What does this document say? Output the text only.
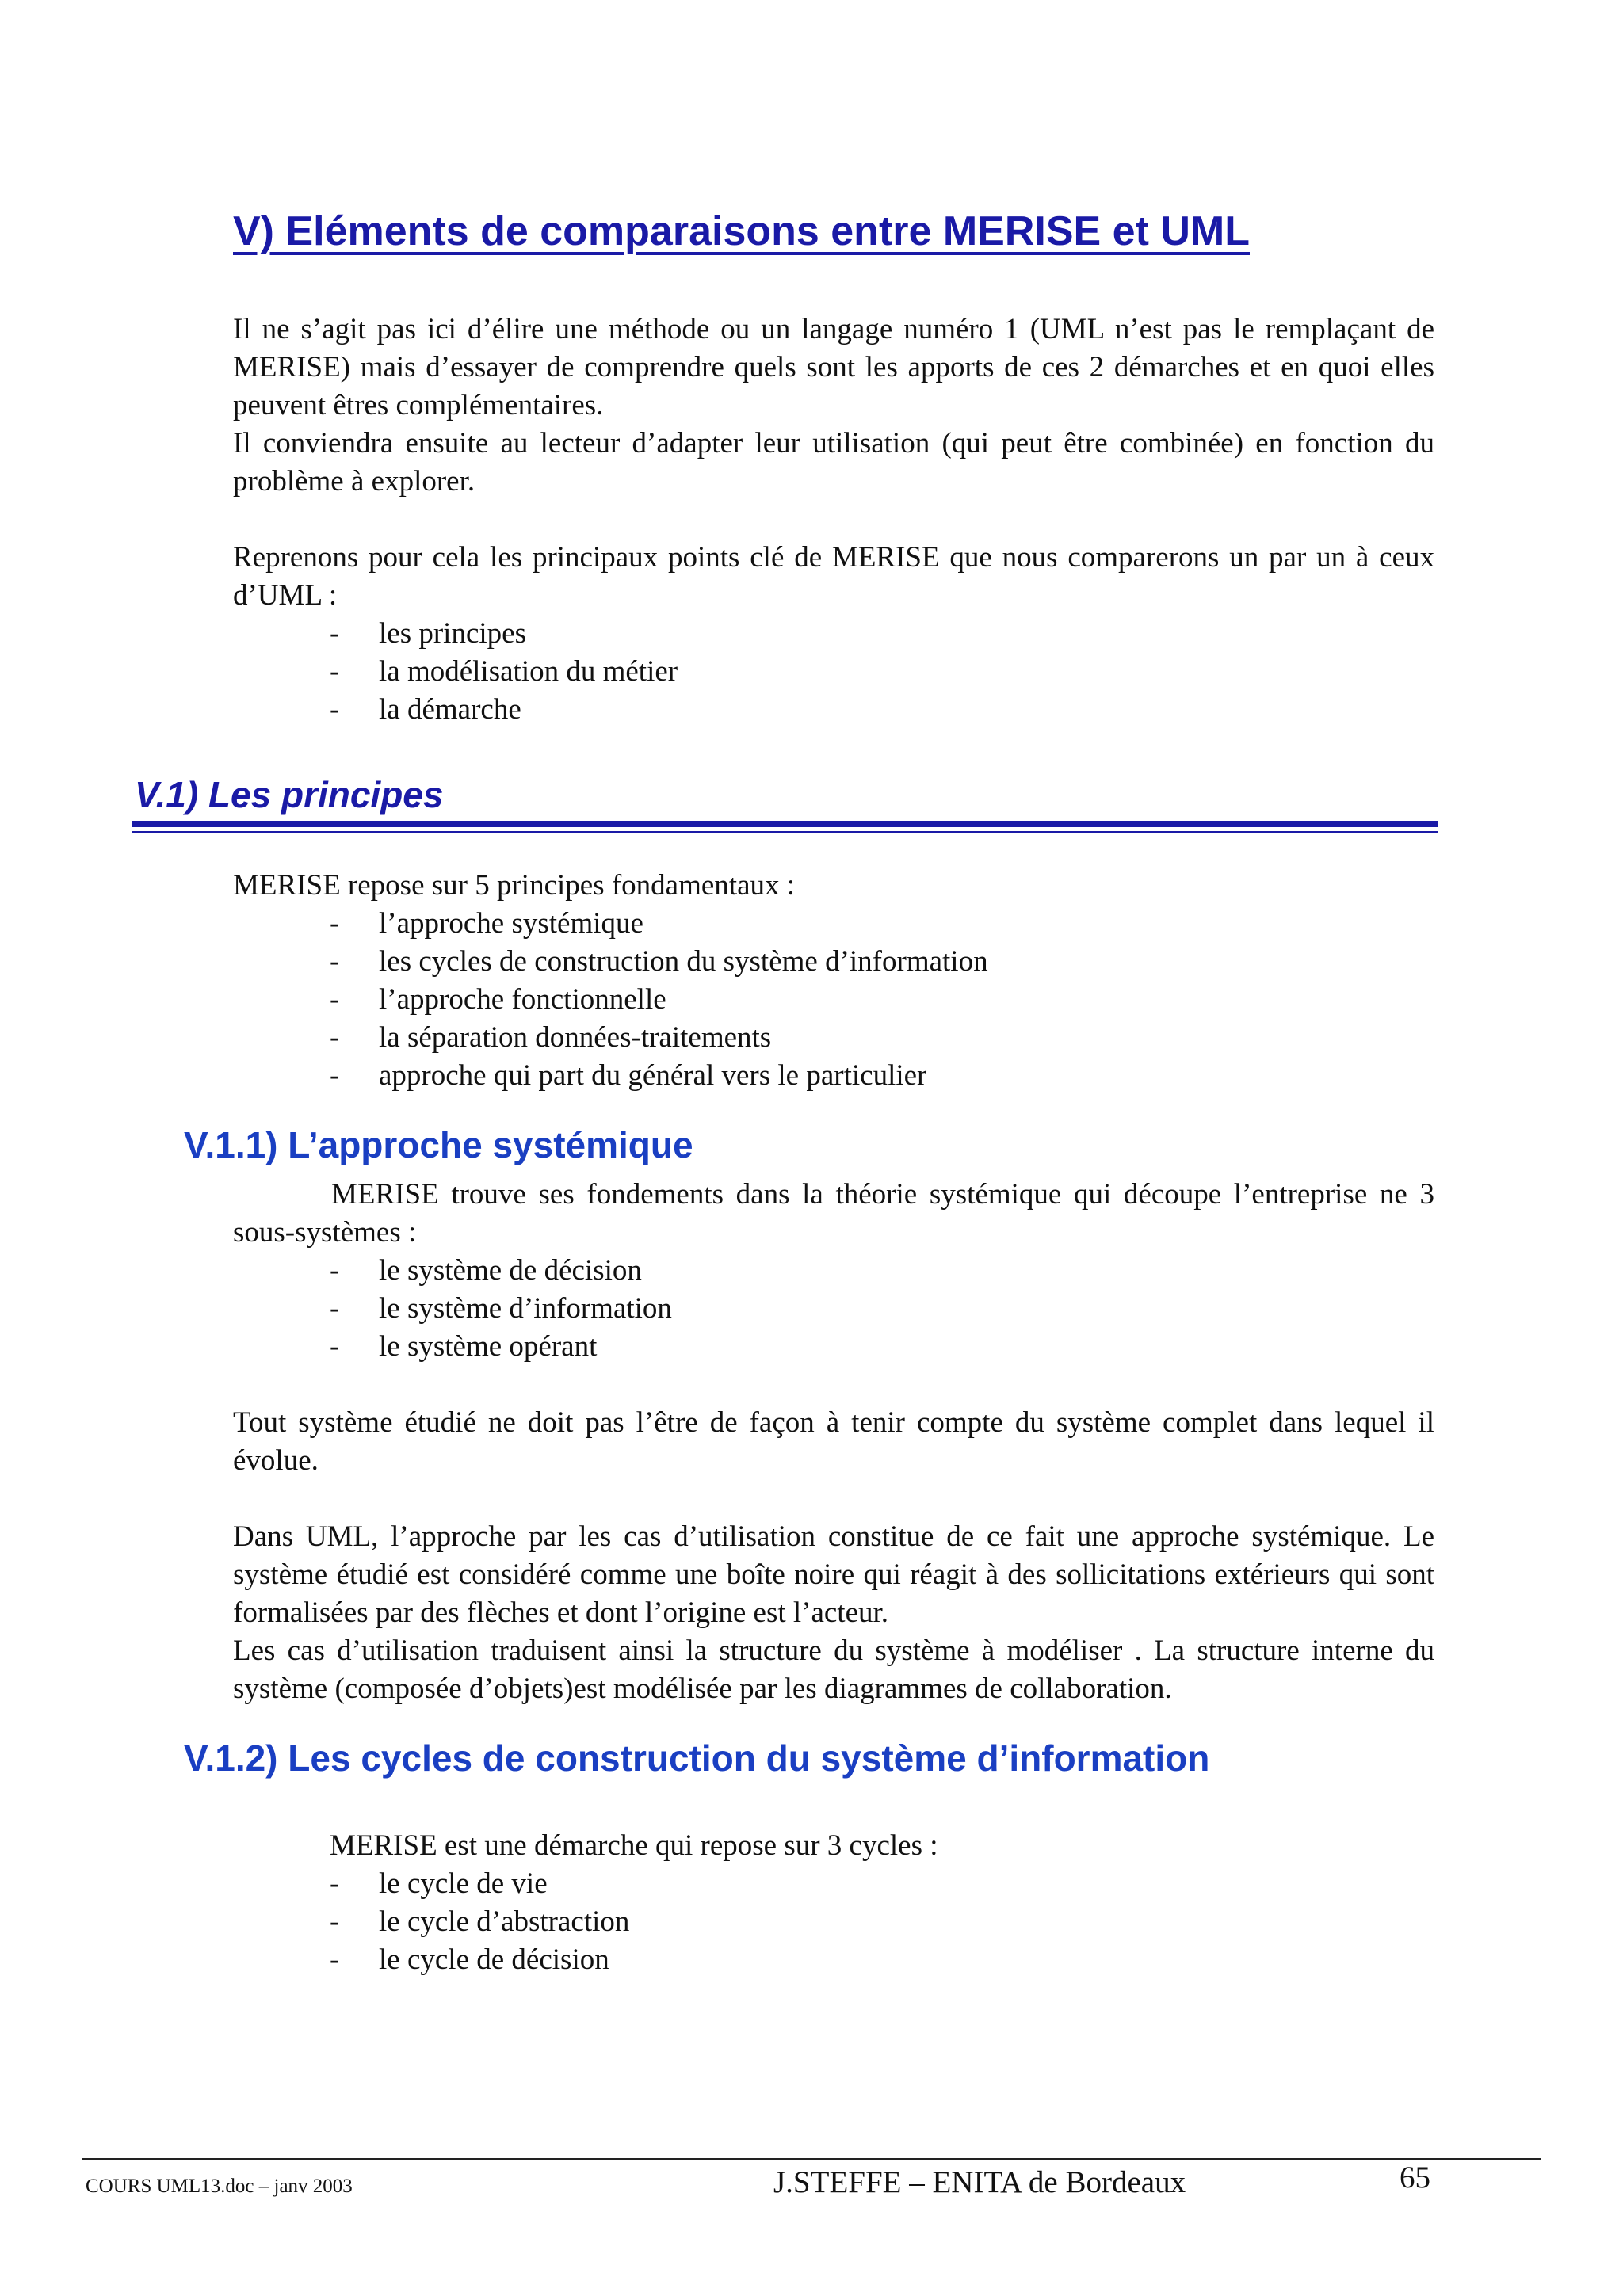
V) Eléments de comparaisons entre MERISE et UML

Il ne s’agit pas ici d’élire une méthode ou un langage numéro 1 (UML n’est pas le remplaçant de MERISE) mais d’essayer de comprendre quels sont les apports de ces 2 démarches et en quoi elles peuvent êtres complémentaires.

Il conviendra ensuite au lecteur d’adapter leur utilisation (qui peut être combinée) en fonction du problème à explorer.

Reprenons pour cela les principaux points clé de MERISE que nous comparerons un par un à ceux d’UML :

- les principes
- la modélisation du métier
- la démarche
V.1) Les principes

MERISE repose sur 5 principes fondamentaux :

- l’approche systémique
- les cycles de construction du système d’information
- l’approche fonctionnelle
- la séparation données-traitements
- approche qui part du général vers le particulier
V.1.1) L’approche systémique

MERISE trouve ses fondements dans la théorie systémique qui découpe l’entreprise ne 3 sous-systèmes :

- le système de décision
- le système d’information
- le système opérant

Tout système étudié ne doit pas l’être de façon à tenir compte du système complet dans lequel il évolue.

Dans UML, l’approche par les cas d’utilisation constitue de ce fait une approche systémique. Le système étudié est considéré comme une boîte noire qui réagit à des sollicitations extérieurs qui sont formalisées par des flèches et dont l’origine est l’acteur.

Les cas d’utilisation traduisent ainsi la structure du système à modéliser . La structure interne du système (composée d’objets)est modélisée par les diagrammes de collaboration.

V.1.2) Les cycles de construction du système d’information

MERISE est une démarche qui repose sur 3 cycles :

- le cycle de vie
- le cycle d’abstraction
- le cycle de décision
COURS UML13.doc – janv 2003	J.STEFFE – ENITA de Bordeaux	65
